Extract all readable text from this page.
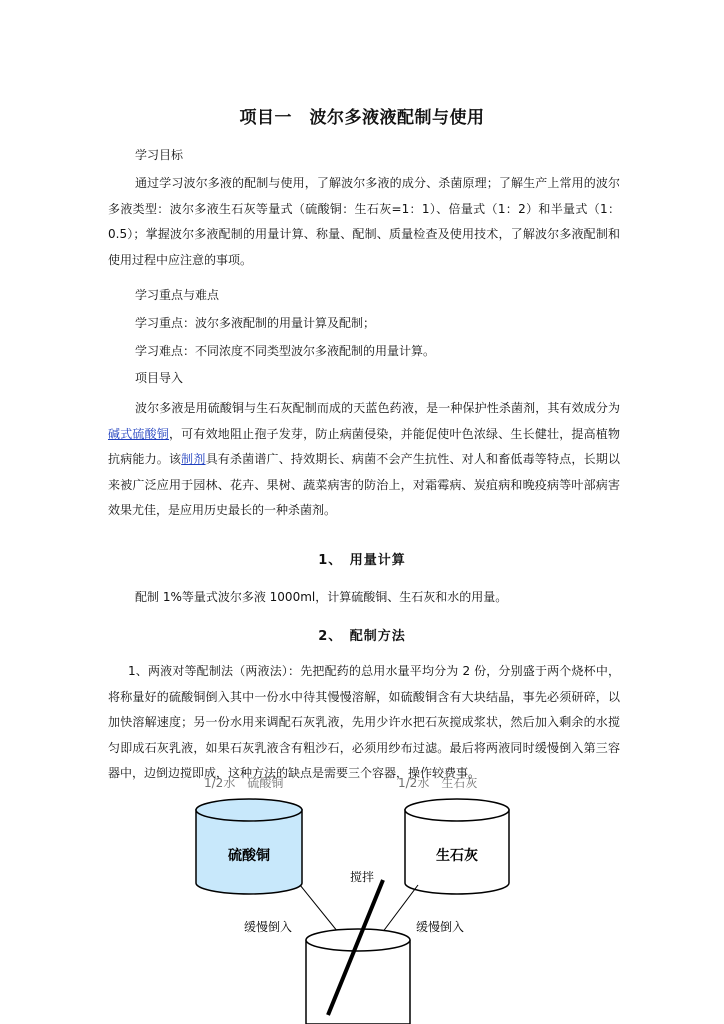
项目一　波尔多液液配制与使用

学习目标

通过学习波尔多液的配制与使用，了解波尔多液的成分、杀菌原理；了解生产上常用的波尔多液类型：波尔多液生石灰等量式（硫酸铜：生石灰=1：1）、倍量式（1：2）和半量式（1：0.5）；掌握波尔多液配制的用量计算、称量、配制、质量检查及使用技术，了解波尔多液配制和使用过程中应注意的事项。

学习重点与难点

学习重点：波尔多液配制的用量计算及配制；

学习难点：不同浓度不同类型波尔多液配制的用量计算。

项目导入

波尔多液是用硫酸铜与生石灰配制而成的天蓝色药液，是一种保护性杀菌剂，其有效成分为碱式硫酸铜，可有效地阻止孢子发芽，防止病菌侵染，并能促使叶色浓绿、生长健壮，提高植物抗病能力。该制剂具有杀菌谱广、持效期长、病菌不会产生抗性、对人和畜低毒等特点，长期以来被广泛应用于园林、花卉、果树、蔬菜病害的防治上，对霜霉病、炭疽病和晚疫病等叶部病害效果尤佳，是应用历史最长的一种杀菌剂。

1、　用量计算

配制 1%等量式波尔多液 1000ml，计算硫酸铜、生石灰和水的用量。

2、　配制方法

1、两液对等配制法（两液法）：先把配药的总用水量平均分为 2 份，分别盛于两个烧杯中，将称量好的硫酸铜倒入其中一份水中待其慢慢溶解，如硫酸铜含有大块结晶，事先必须研碎，以加快溶解速度；另一份水用来调配石灰乳液，先用少许水把石灰搅成浆状，然后加入剩余的水搅匀即成石灰乳液，如果石灰乳液含有粗沙石，必须用纱布过滤。最后将两液同时缓慢倒入第三容器中，边倒边搅即成，这种方法的缺点是需要三个容器，操作较费事。

1/2水　硫酸铜	1/2水　生石灰
硫酸铜	生石灰
搅拌
缓慢倒入	缓慢倒入
